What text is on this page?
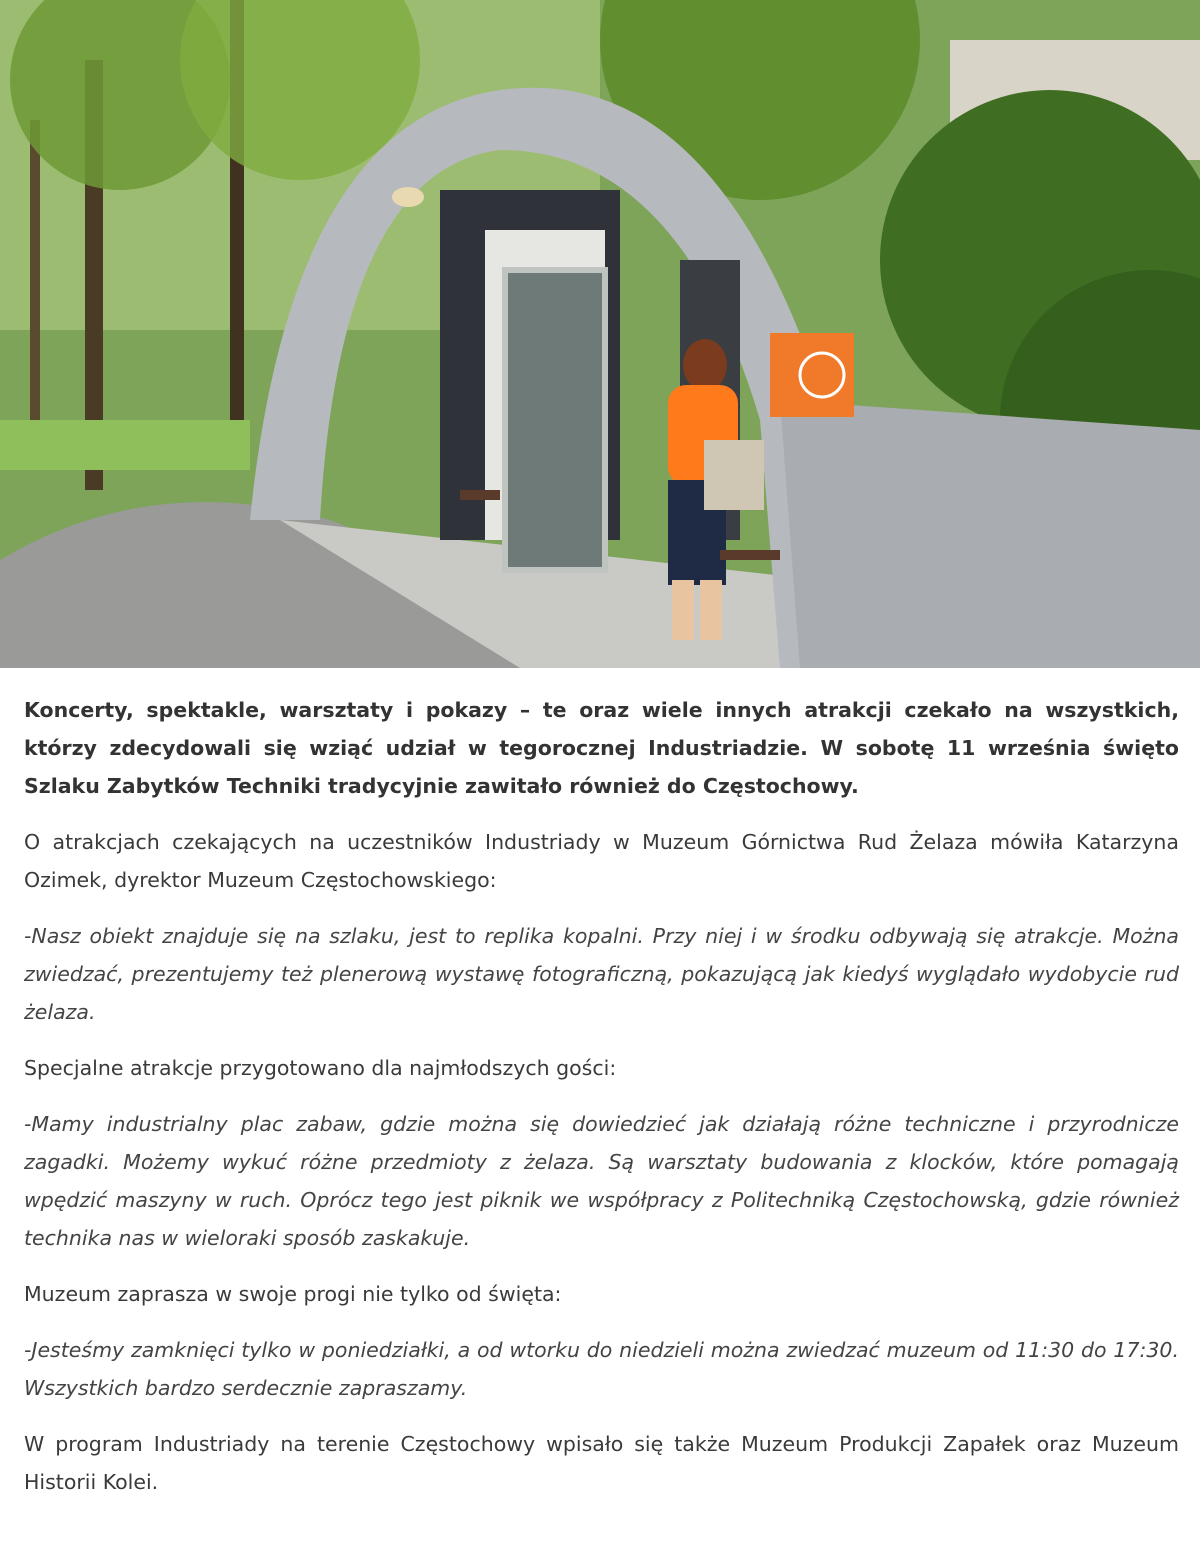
Koncerty, spektakle, warsztaty i pokazy – te oraz wiele innych atrakcji czekało na wszystkich, którzy zdecydowali się wziąć udział w tegorocznej Industriadzie. W sobotę 11 września święto Szlaku Zabytków Techniki tradycyjnie zawitało również do Częstochowy.

O atrakcjach czekających na uczestników Industriady w Muzeum Górnictwa Rud Żelaza mówiła Katarzyna Ozimek, dyrektor Muzeum Częstochowskiego:

-Nasz obiekt znajduje się na szlaku, jest to replika kopalni. Przy niej i w środku odbywają się atrakcje. Można zwiedzać, prezentujemy też plenerową wystawę fotograficzną, pokazującą jak kiedyś wyglądało wydobycie rud żelaza.

Specjalne atrakcje przygotowano dla najmłodszych gości:

-Mamy industrialny plac zabaw, gdzie można się dowiedzieć jak działają różne techniczne i przyrodnicze zagadki. Możemy wykuć różne przedmioty z żelaza. Są warsztaty budowania z klocków, które pomagają wpędzić maszyny w ruch. Oprócz tego jest piknik we współpracy z Politechniką Częstochowską, gdzie również technika nas w wieloraki sposób zaskakuje.

Muzeum zaprasza w swoje progi nie tylko od święta:

-Jesteśmy zamknięci tylko w poniedziałki, a od wtorku do niedzieli można zwiedzać muzeum od 11:30 do 17:30. Wszystkich bardzo serdecznie zapraszamy.

W program Industriady na terenie Częstochowy wpisało się także Muzeum Produkcji Zapałek oraz Muzeum Historii Kolei.
